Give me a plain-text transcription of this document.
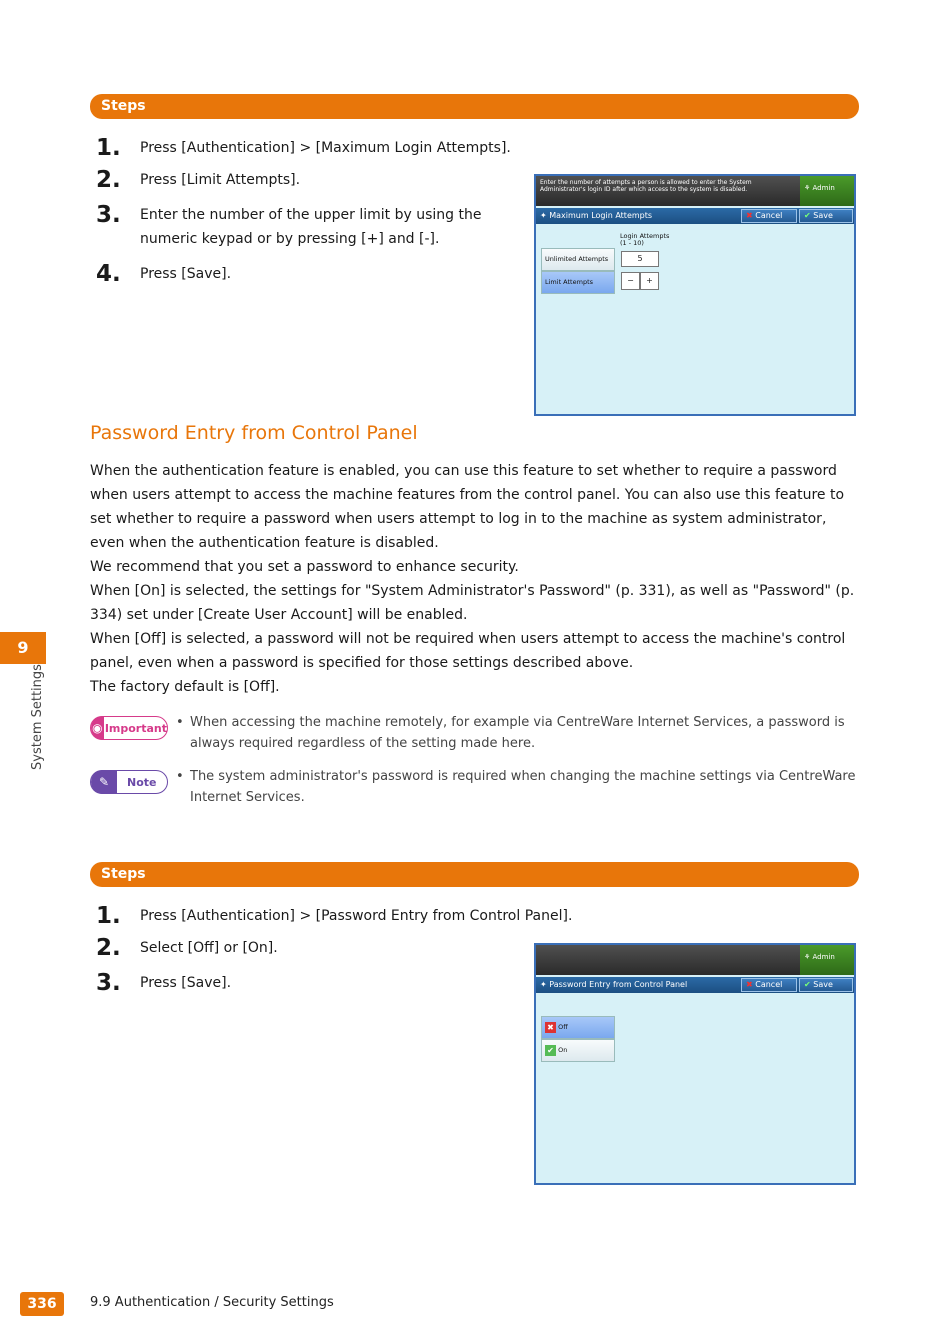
Steps
1.	Press [Authentication] > [Maximum Login Attempts].
2.	Press [Limit Attempts].
3.	Enter the number of the upper limit by using the numeric keypad or by pressing [+] and [-].
4.	Press [Save].
Enter the number of attempts a person is allowed to enter the System Administrator's login ID after which access to the system is disabled.	⚘ Admin
✦ Maximum Login Attempts	✖ Cancel	✔ Save
Unlimited Attempts
Limit Attempts
Login Attempts
(1 - 10)
5
−	+
Password Entry from Control Panel

When the authentication feature is enabled, you can use this feature to set whether to require a password when users attempt to access the machine features from the control panel. You can also use this feature to set whether to require a password when users attempt to log in to the machine as system administrator, even when the authentication feature is disabled.

We recommend that you set a password to enhance security.

When [On] is selected, the settings for "System Administrator's Password" (p. 331), as well as "Password" (p. 334) set under [Create User Account] will be enabled.

When [Off] is selected, a password will not be required when users attempt to access the machine's control panel, even when a password is specified for those settings described above.

The factory default is [Off].

◉ Important • When accessing the machine remotely, for example via CentreWare Internet Services, a password is always required regardless of the setting made here.
✎	Note • The system administrator's password is required when changing the machine settings via CentreWare Internet Services.
Steps
1.	Press [Authentication] > [Password Entry from Control Panel].
2.	Select [Off] or [On].
3.	Press [Save].
⚘ Admin
✦ Password Entry from Control Panel	✖ Cancel	✔ Save
✖ Off
✔ On
9
System Settings
336	9.9 Authentication / Security Settings
